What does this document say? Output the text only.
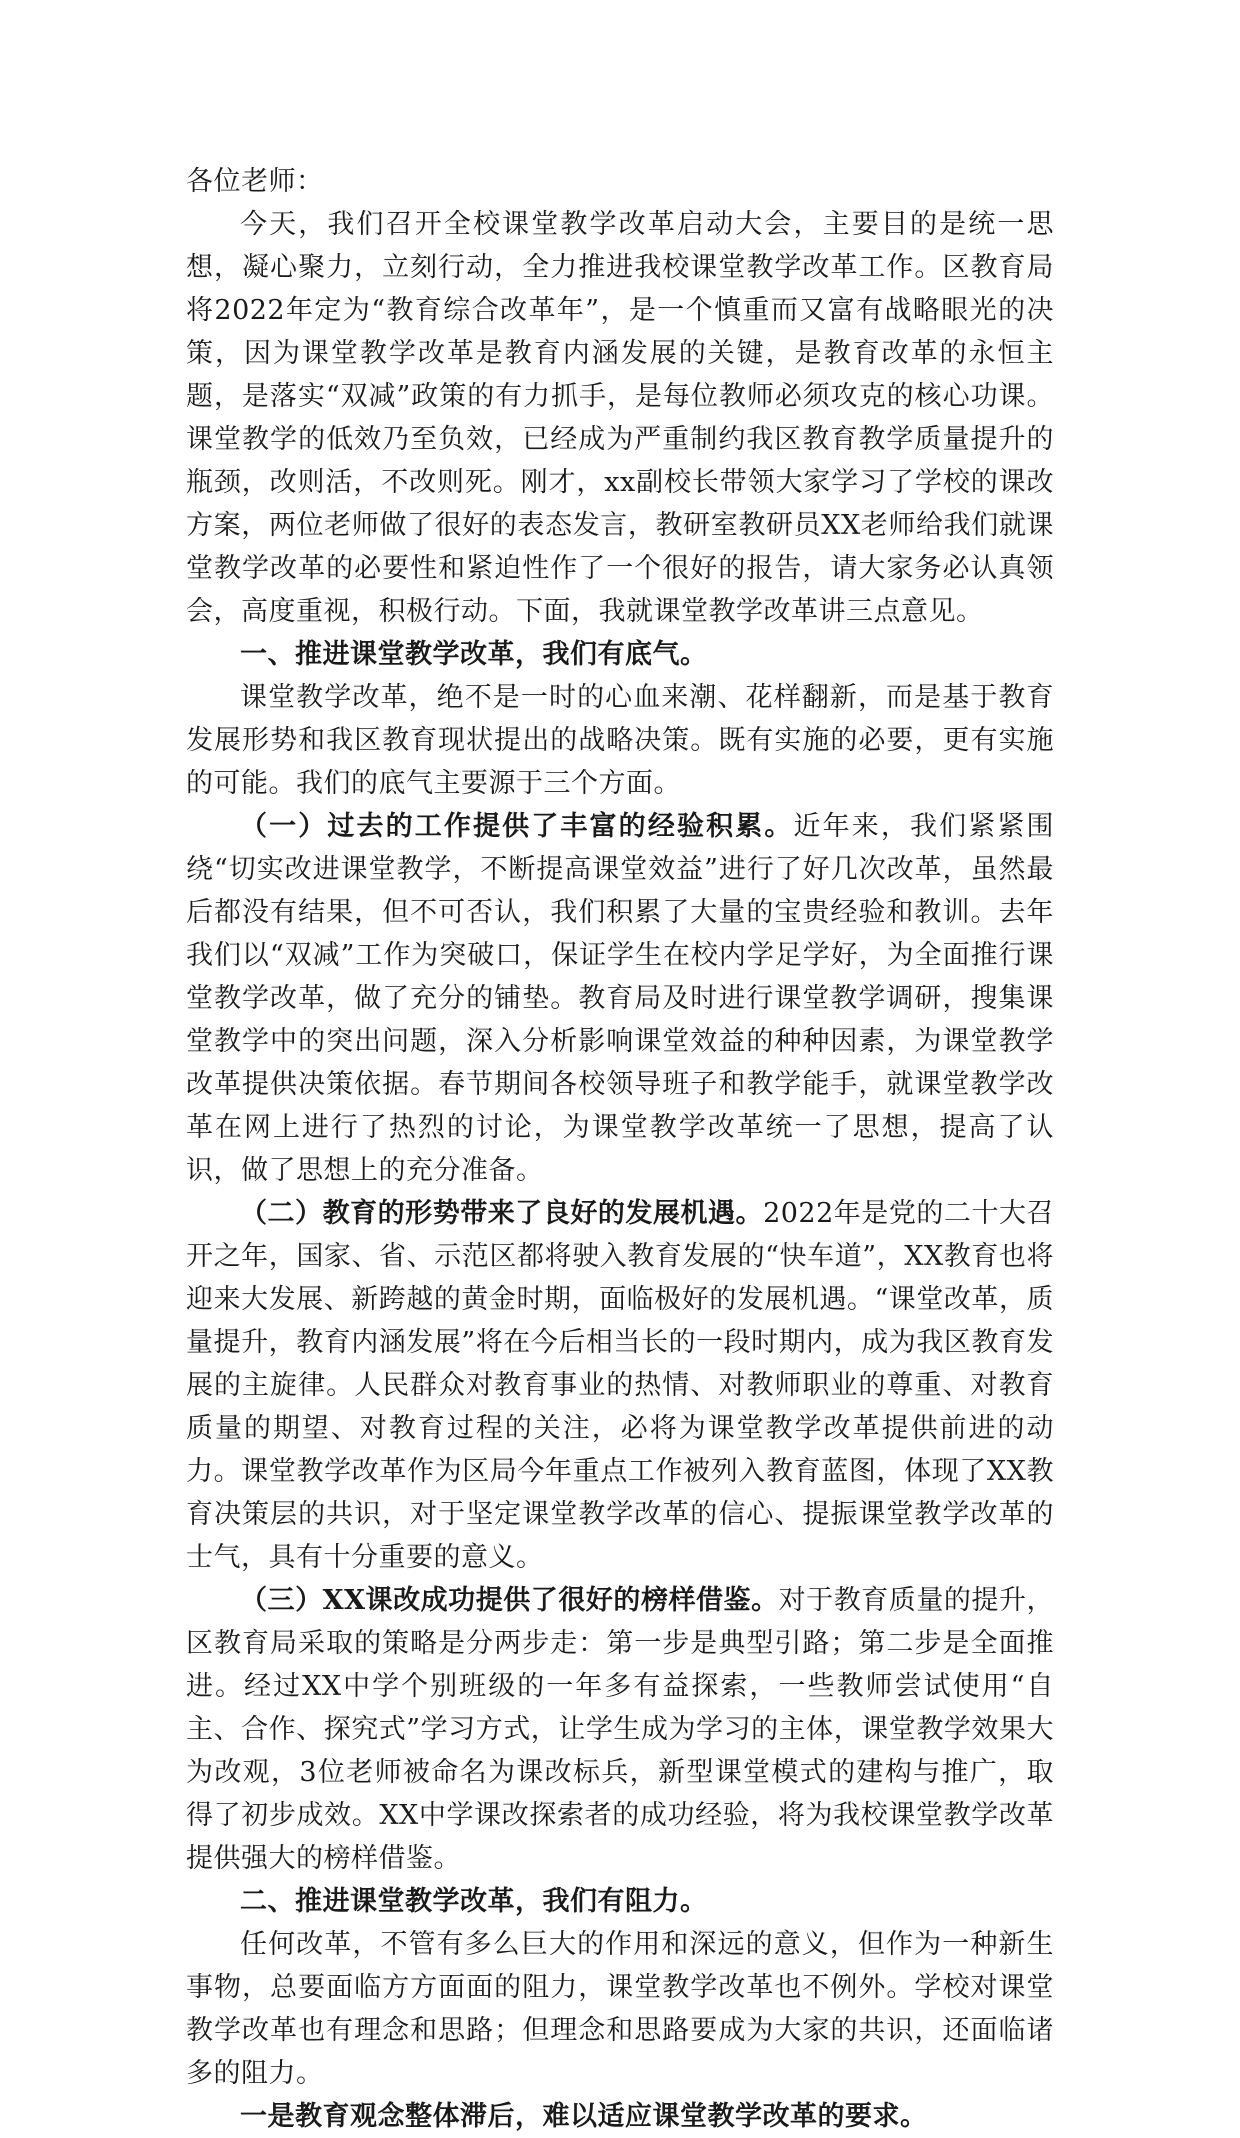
各位老师：

今天，我们召开全校课堂教学改革启动大会，主要目的是统一思想，凝心聚力，立刻行动，全力推进我校课堂教学改革工作。区教育局将2022年定为“教育综合改革年”，是一个慎重而又富有战略眼光的决策，因为课堂教学改革是教育内涵发展的关键，是教育改革的永恒主题，是落实“双减”政策的有力抓手，是每位教师必须攻克的核心功课。课堂教学的低效乃至负效，已经成为严重制约我区教育教学质量提升的瓶颈，改则活，不改则死。刚才，xx副校长带领大家学习了学校的课改方案，两位老师做了很好的表态发言，教研室教研员XX老师给我们就课堂教学改革的必要性和紧迫性作了一个很好的报告，请大家务必认真领会，高度重视，积极行动。下面，我就课堂教学改革讲三点意见。

一、推进课堂教学改革，我们有底气。

课堂教学改革，绝不是一时的心血来潮、花样翻新，而是基于教育发展形势和我区教育现状提出的战略决策。既有实施的必要，更有实施的可能。我们的底气主要源于三个方面。

（一）过去的工作提供了丰富的经验积累。近年来，我们紧紧围绕“切实改进课堂教学，不断提高课堂效益”进行了好几次改革，虽然最后都没有结果，但不可否认，我们积累了大量的宝贵经验和教训。去年我们以“双减”工作为突破口，保证学生在校内学足学好，为全面推行课堂教学改革，做了充分的铺垫。教育局及时进行课堂教学调研，搜集课堂教学中的突出问题，深入分析影响课堂效益的种种因素，为课堂教学改革提供决策依据。春节期间各校领导班子和教学能手，就课堂教学改革在网上进行了热烈的讨论，为课堂教学改革统一了思想，提高了认识，做了思想上的充分准备。

（二）教育的形势带来了良好的发展机遇。2022年是党的二十大召开之年，国家、省、示范区都将驶入教育发展的“快车道”，XX教育也将迎来大发展、新跨越的黄金时期，面临极好的发展机遇。“课堂改革，质量提升，教育内涵发展”将在今后相当长的一段时期内，成为我区教育发展的主旋律。人民群众对教育事业的热情、对教师职业的尊重、对教育质量的期望、对教育过程的关注，必将为课堂教学改革提供前进的动力。课堂教学改革作为区局今年重点工作被列入教育蓝图，体现了XX教育决策层的共识，对于坚定课堂教学改革的信心、提振课堂教学改革的士气，具有十分重要的意义。

（三）XX课改成功提供了很好的榜样借鉴。对于教育质量的提升，区教育局采取的策略是分两步走：第一步是典型引路；第二步是全面推进。经过XX中学个别班级的一年多有益探索，一些教师尝试使用“自主、合作、探究式”学习方式，让学生成为学习的主体，课堂教学效果大为改观，3位老师被命名为课改标兵，新型课堂模式的建构与推广，取得了初步成效。XX中学课改探索者的成功经验，将为我校课堂教学改革提供强大的榜样借鉴。

二、推进课堂教学改革，我们有阻力。

任何改革，不管有多么巨大的作用和深远的意义，但作为一种新生事物，总要面临方方面面的阻力，课堂教学改革也不例外。学校对课堂教学改革也有理念和思路；但理念和思路要成为大家的共识，还面临诸多的阻力。

一是教育观念整体滞后，难以适应课堂教学改革的要求。
